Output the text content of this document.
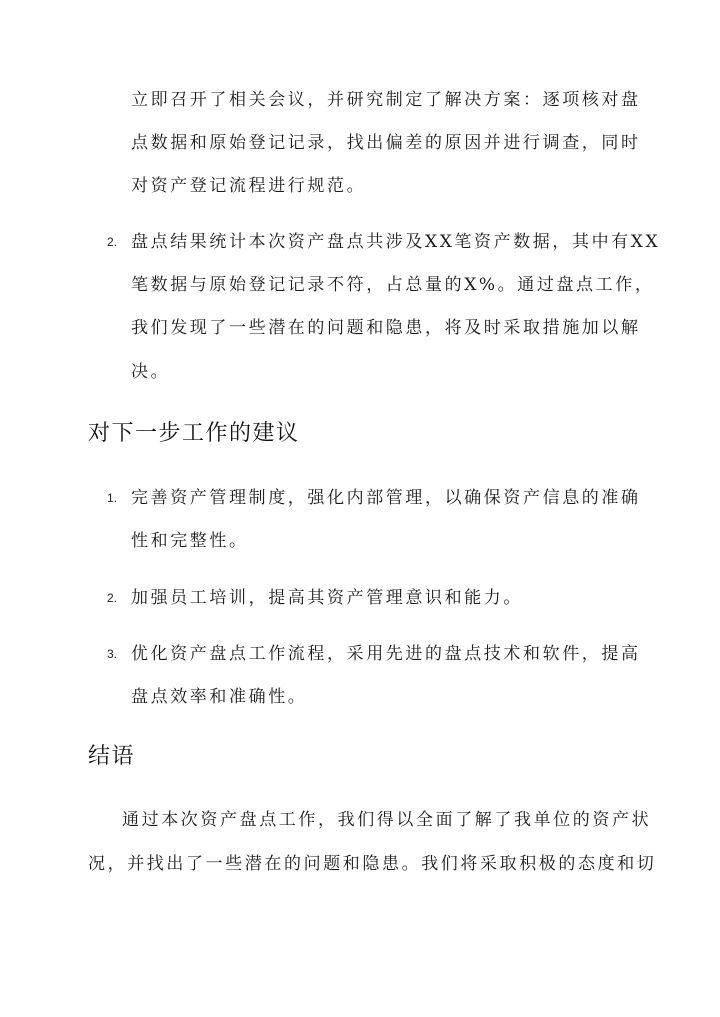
立即召开了相关会议，并研究制定了解决方案：逐项核对盘
点数据和原始登记记录，找出偏差的原因并进行调查，同时
对资产登记流程进行规范。
2. 盘点结果统计本次资产盘点共涉及XX笔资产数据，其中有XX
笔数据与原始登记记录不符，占总量的X%。通过盘点工作，
我们发现了一些潜在的问题和隐患，将及时采取措施加以解
决。
对下一步工作的建议
1. 完善资产管理制度，强化内部管理，以确保资产信息的准确
性和完整性。
2. 加强员工培训，提高其资产管理意识和能力。
3. 优化资产盘点工作流程，采用先进的盘点技术和软件，提高
盘点效率和准确性。
结语
通过本次资产盘点工作，我们得以全面了解了我单位的资产状
况，并找出了一些潜在的问题和隐患。我们将采取积极的态度和切
